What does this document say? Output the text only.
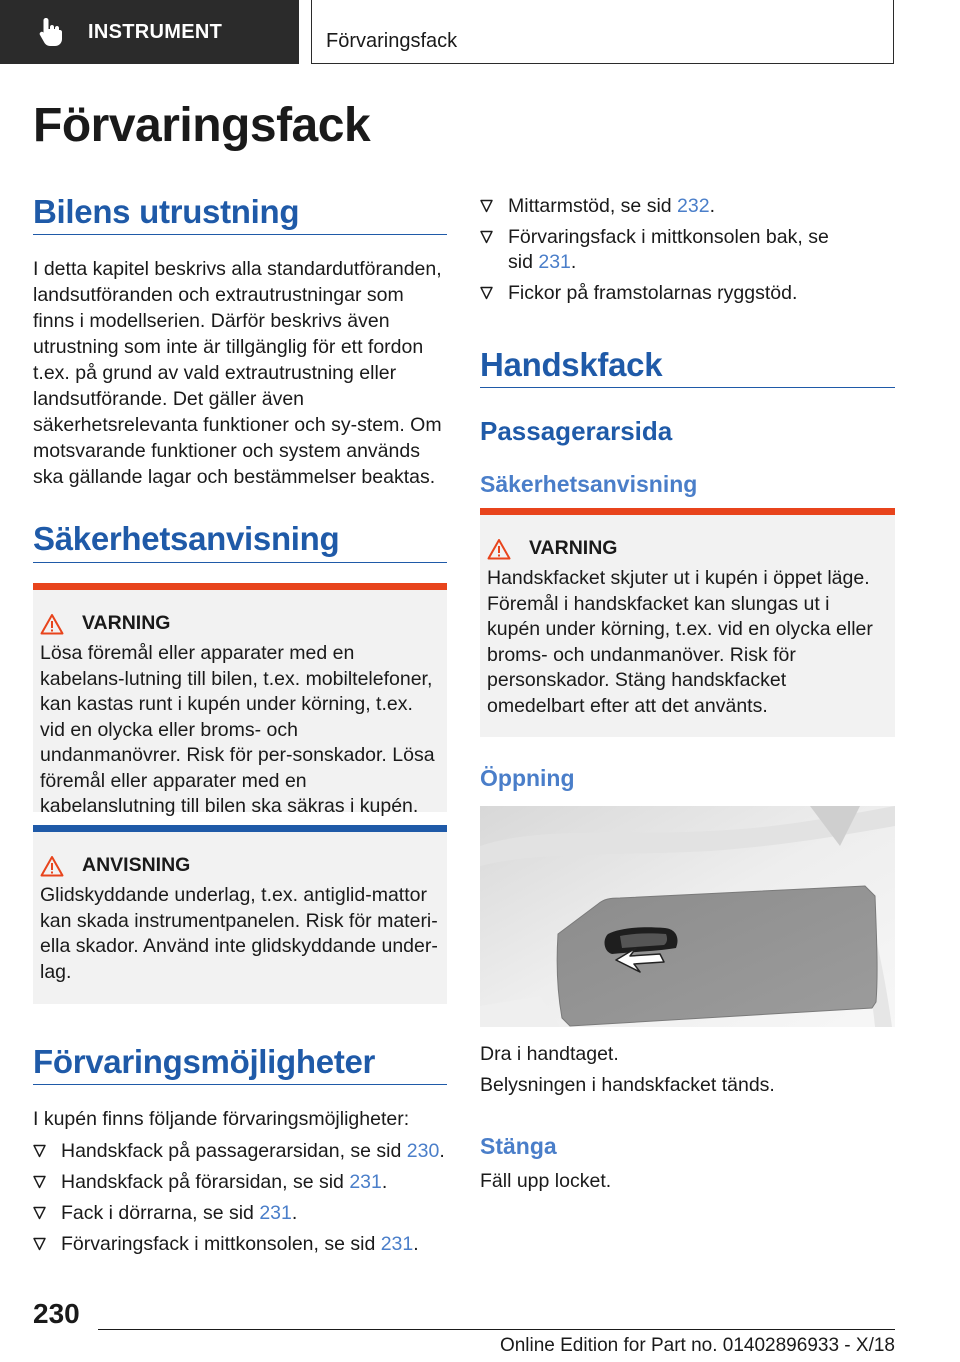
INSTRUMENT	Förvaringsfack
Förvaringsfack
Bilens utrustning

I detta kapitel beskrivs alla standardutföranden, landsutföranden och extrautrustningar som finns i modellserien. Därför beskrivs även utrustning som inte är tillgänglig för ett fordon t.ex. på grund av vald extrautrustning eller landsutförande. Det gäller även säkerhetsrelevanta funktioner och sy‐stem. Om motsvarande funktioner och system används ska gällande lagar och bestämmelser beaktas.

Säkerhetsanvisning
VARNING
Lösa föremål eller apparater med en kabelans‐lutning till bilen, t.ex. mobiltelefoner, kan kastas runt i kupén under körning, t.ex. vid en olycka eller broms- och undanmanövrer. Risk för per‐sonskador. Lösa föremål eller apparater med en kabelanslutning till bilen ska säkras i kupén.
ANVISNING
Glidskyddande underlag, t.ex. antiglid-mattor kan skada instrumentpanelen. Risk för materi‐ella skador. Använd inte glidskyddande under‐lag.
Förvaringsmöjligheter

I kupén finns följande förvaringsmöjligheter:

Handskfack på passagerarsidan, se sid 230.
Handskfack på förarsidan, se sid 231.
Fack i dörrarna, se sid 231.
Förvaringsfack i mittkonsolen, se sid 231.
Mittarmstöd, se sid 232.
Förvaringsfack i mittkonsolen bak, se sid 231.
Fickor på framstolarnas ryggstöd.
Handskfack
Passagerarsida
Säkerhetsanvisning
VARNING
Handskfacket skjuter ut i kupén i öppet läge. Föremål i handskfacket kan slungas ut i kupén under körning, t.ex. vid en olycka eller broms- och undanmanöver. Risk för personskador. Stäng handskfacket omedelbart efter att det använts.
Öppning

Dra i handtaget.

Belysningen i handskfacket tänds.

Stänga

Fäll upp locket.

230
Online Edition for Part no. 01402896933 - X/18
